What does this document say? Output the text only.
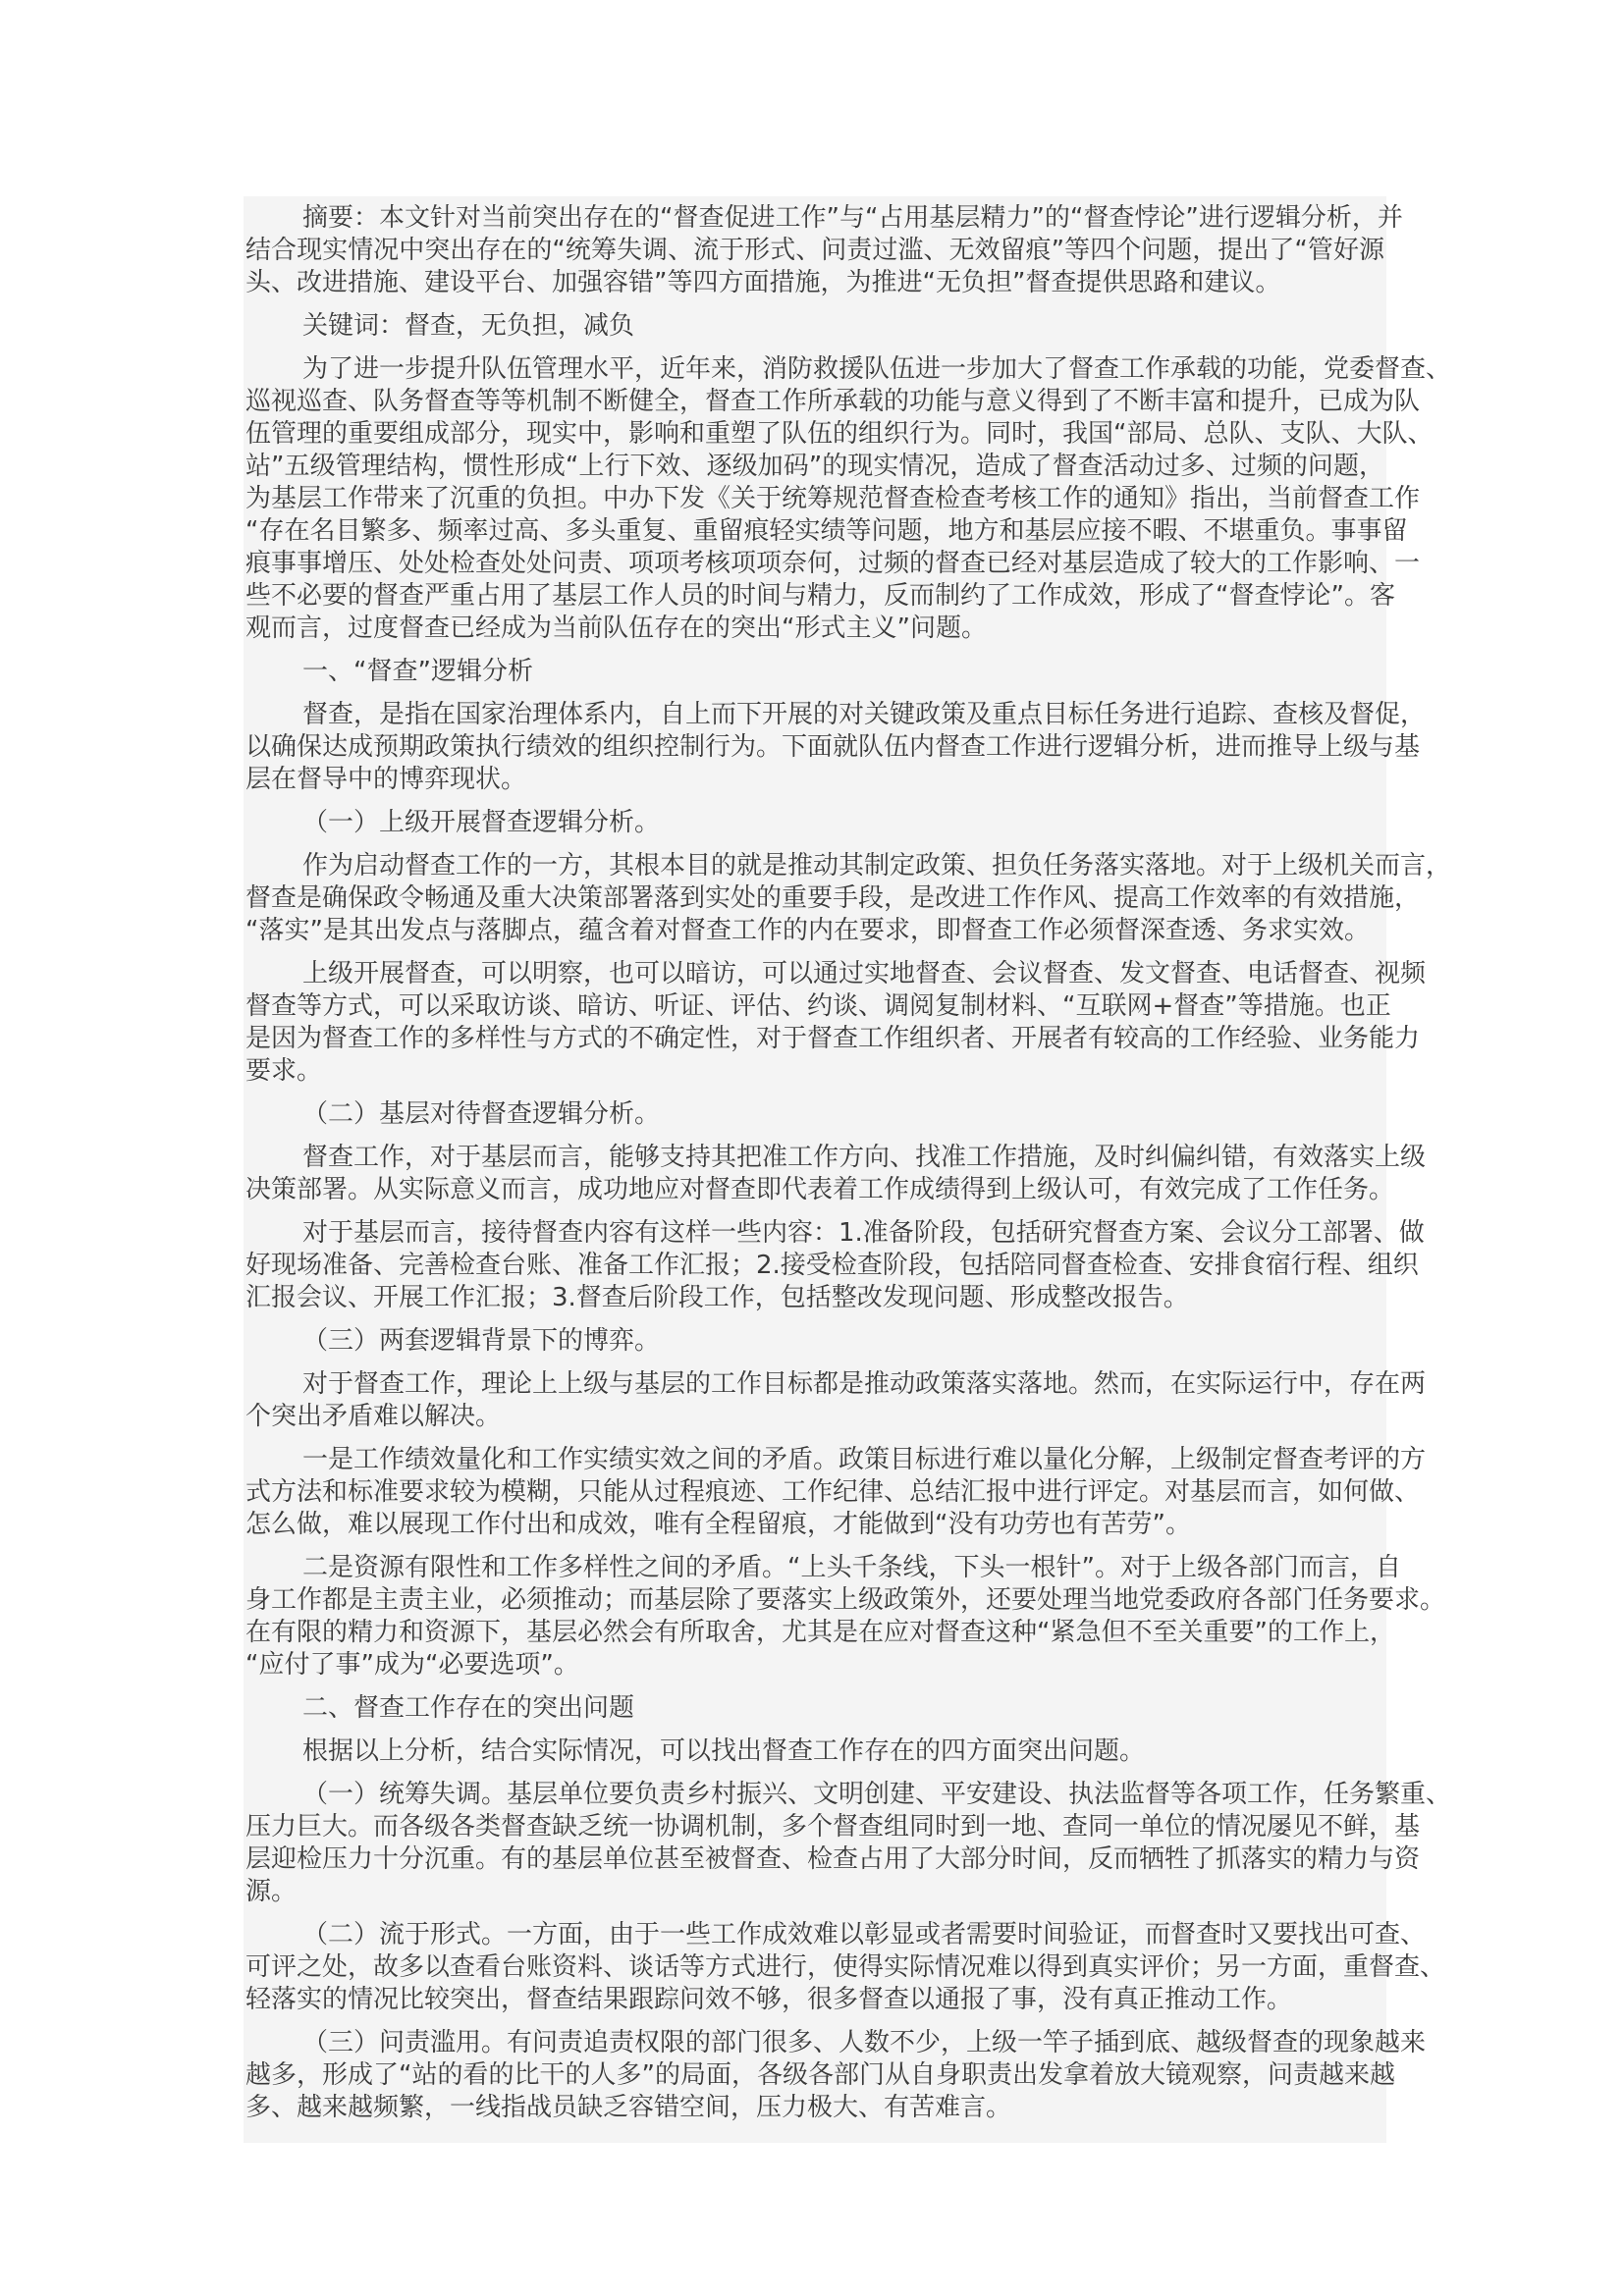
摘要：本文针对当前突出存在的“督查促进工作”与“占用基层精力”的“督查悖论”进行逻辑分析，并
结合现实情况中突出存在的“统筹失调、流于形式、问责过滥、无效留痕”等四个问题，提出了“管好源
头、改进措施、建设平台、加强容错”等四方面措施，为推进“无负担”督查提供思路和建议。
关键词：督查，无负担，减负
为了进一步提升队伍管理水平，近年来，消防救援队伍进一步加大了督查工作承载的功能，党委督查、
巡视巡查、队务督查等等机制不断健全，督查工作所承载的功能与意义得到了不断丰富和提升，已成为队
伍管理的重要组成部分，现实中，影响和重塑了队伍的组织行为。同时，我国“部局、总队、支队、大队、
站”五级管理结构，惯性形成“上行下效、逐级加码”的现实情况，造成了督查活动过多、过频的问题，
为基层工作带来了沉重的负担。中办下发《关于统筹规范督查检查考核工作的通知》指出，当前督查工作
“存在名目繁多、频率过高、多头重复、重留痕轻实绩等问题，地方和基层应接不暇、不堪重负。事事留
痕事事增压、处处检查处处问责、项项考核项项奈何，过频的督查已经对基层造成了较大的工作影响、一
些不必要的督查严重占用了基层工作人员的时间与精力，反而制约了工作成效，形成了“督查悖论”。客
观而言，过度督查已经成为当前队伍存在的突出“形式主义”问题。
一、“督查”逻辑分析
督查，是指在国家治理体系内，自上而下开展的对关键政策及重点目标任务进行追踪、查核及督促，
以确保达成预期政策执行绩效的组织控制行为。下面就队伍内督查工作进行逻辑分析，进而推导上级与基
层在督导中的博弈现状。
（一）上级开展督查逻辑分析。
作为启动督查工作的一方，其根本目的就是推动其制定政策、担负任务落实落地。对于上级机关而言，
督查是确保政令畅通及重大决策部署落到实处的重要手段，是改进工作作风、提高工作效率的有效措施，
“落实”是其出发点与落脚点，蕴含着对督查工作的内在要求，即督查工作必须督深查透、务求实效。
上级开展督查，可以明察，也可以暗访，可以通过实地督查、会议督查、发文督查、电话督查、视频
督查等方式，可以采取访谈、暗访、听证、评估、约谈、调阅复制材料、“互联网+督查”等措施。也正
是因为督查工作的多样性与方式的不确定性，对于督查工作组织者、开展者有较高的工作经验、业务能力
要求。
（二）基层对待督查逻辑分析。
督查工作，对于基层而言，能够支持其把准工作方向、找准工作措施，及时纠偏纠错，有效落实上级
决策部署。从实际意义而言，成功地应对督查即代表着工作成绩得到上级认可，有效完成了工作任务。
对于基层而言，接待督查内容有这样一些内容：1.准备阶段，包括研究督查方案、会议分工部署、做
好现场准备、完善检查台账、准备工作汇报；2.接受检查阶段，包括陪同督查检查、安排食宿行程、组织
汇报会议、开展工作汇报；3.督查后阶段工作，包括整改发现问题、形成整改报告。
（三）两套逻辑背景下的博弈。
对于督查工作，理论上上级与基层的工作目标都是推动政策落实落地。然而，在实际运行中，存在两
个突出矛盾难以解决。
一是工作绩效量化和工作实绩实效之间的矛盾。政策目标进行难以量化分解，上级制定督查考评的方
式方法和标准要求较为模糊，只能从过程痕迹、工作纪律、总结汇报中进行评定。对基层而言，如何做、
怎么做，难以展现工作付出和成效，唯有全程留痕，才能做到“没有功劳也有苦劳”。
二是资源有限性和工作多样性之间的矛盾。“上头千条线，下头一根针”。对于上级各部门而言，自
身工作都是主责主业，必须推动；而基层除了要落实上级政策外，还要处理当地党委政府各部门任务要求。
在有限的精力和资源下，基层必然会有所取舍，尤其是在应对督查这种“紧急但不至关重要”的工作上，
“应付了事”成为“必要选项”。
二、督查工作存在的突出问题
根据以上分析，结合实际情况，可以找出督查工作存在的四方面突出问题。
（一）统筹失调。基层单位要负责乡村振兴、文明创建、平安建设、执法监督等各项工作，任务繁重、
压力巨大。而各级各类督查缺乏统一协调机制，多个督查组同时到一地、查同一单位的情况屡见不鲜，基
层迎检压力十分沉重。有的基层单位甚至被督查、检查占用了大部分时间，反而牺牲了抓落实的精力与资
源。
（二）流于形式。一方面，由于一些工作成效难以彰显或者需要时间验证，而督查时又要找出可查、
可评之处，故多以查看台账资料、谈话等方式进行，使得实际情况难以得到真实评价；另一方面，重督查、
轻落实的情况比较突出，督查结果跟踪问效不够，很多督查以通报了事，没有真正推动工作。
（三）问责滥用。有问责追责权限的部门很多、人数不少，上级一竿子插到底、越级督查的现象越来
越多，形成了“站的看的比干的人多”的局面，各级各部门从自身职责出发拿着放大镜观察，问责越来越
多、越来越频繁，一线指战员缺乏容错空间，压力极大、有苦难言。
